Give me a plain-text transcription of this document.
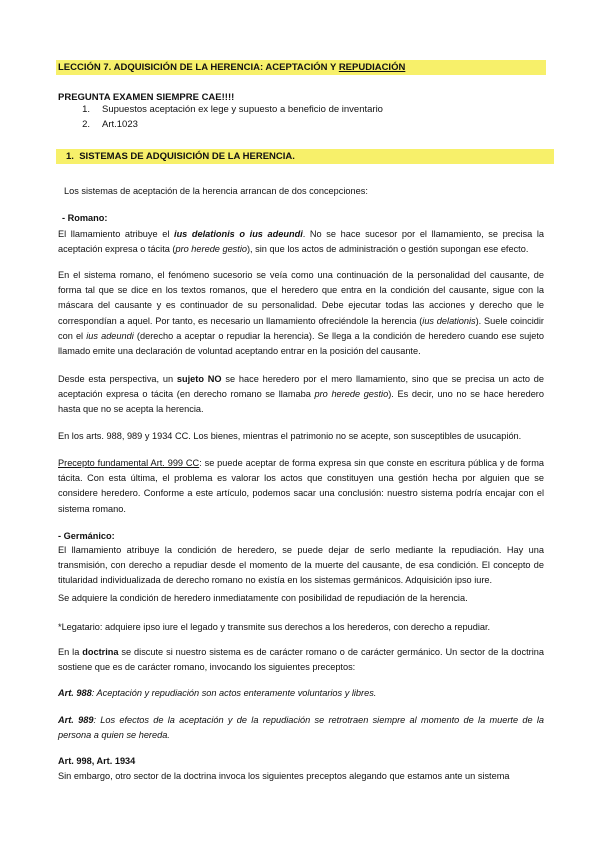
LECCIÓN 7. ADQUISICIÓN DE LA HERENCIA: ACEPTACIÓN Y REPUDIACIÓN
PREGUNTA EXAMEN SIEMPRE CAE!!!!
1. Supuestos aceptación ex lege y supuesto a beneficio de inventario
2. Art.1023
1. SISTEMAS DE ADQUISICIÓN DE LA HERENCIA.
Los sistemas de aceptación de la herencia arrancan de dos concepciones:
- Romano:
El llamamiento atribuye el ius delationis o ius adeundi. No se hace sucesor por el llamamiento, se precisa la aceptación expresa o tácita (pro herede gestio), sin que los actos de administración o gestión supongan ese efecto.
En el sistema romano, el fenómeno sucesorio se veía como una continuación de la personalidad del causante, de forma tal que se dice en los textos romanos, que el heredero que entra en la condición del causante, sigue con la máscara del causante y es continuador de su personalidad. Debe ejecutar todas las acciones y derecho que le correspondían a aquel. Por tanto, es necesario un llamamiento ofreciéndole la herencia (ius delationis). Suele coincidir con el ius adeundi (derecho a aceptar o repudiar la herencia). Se llega a la condición de heredero cuando ese sujeto llamado emite una declaración de voluntad aceptando entrar en la posición del causante.
Desde esta perspectiva, un sujeto NO se hace heredero por el mero llamamiento, sino que se precisa un acto de aceptación expresa o tácita (en derecho romano se llamaba pro herede gestio). Es decir, uno no se hace heredero hasta que no se acepta la herencia.
En los arts. 988, 989 y 1934 CC. Los bienes, mientras el patrimonio no se acepte, son susceptibles de usucapión.
Precepto fundamental Art. 999 CC: se puede aceptar de forma expresa sin que conste en escritura pública y de forma tácita. Con esta última, el problema es valorar los actos que constituyen una gestión hecha por alguien que se considere heredero. Conforme a este artículo, podemos sacar una conclusión: nuestro sistema podría encajar con el sistema romano.
- Germánico:
El llamamiento atribuye la condición de heredero, se puede dejar de serlo mediante la repudiación. Hay una transmisión, con derecho a repudiar desde el momento de la muerte del causante, de esa condición. El concepto de titularidad individualizada de derecho romano no existía en los sistemas germánicos. Adquisición ipso iure.
Se adquiere la condición de heredero inmediatamente con posibilidad de repudiación de la herencia.
*Legatario: adquiere ipso iure el legado y transmite sus derechos a los herederos, con derecho a repudiar.
En la doctrina se discute si nuestro sistema es de carácter romano o de carácter germánico. Un sector de la doctrina sostiene que es de carácter romano, invocando los siguientes preceptos:
Art. 988: Aceptación y repudiación son actos enteramente voluntarios y libres.
Art. 989: Los efectos de la aceptación y de la repudiación se retrotraen siempre al momento de la muerte de la persona a quien se hereda.
Art. 998, Art. 1934
Sin embargo, otro sector de la doctrina invoca los siguientes preceptos alegando que estamos ante un sistema
